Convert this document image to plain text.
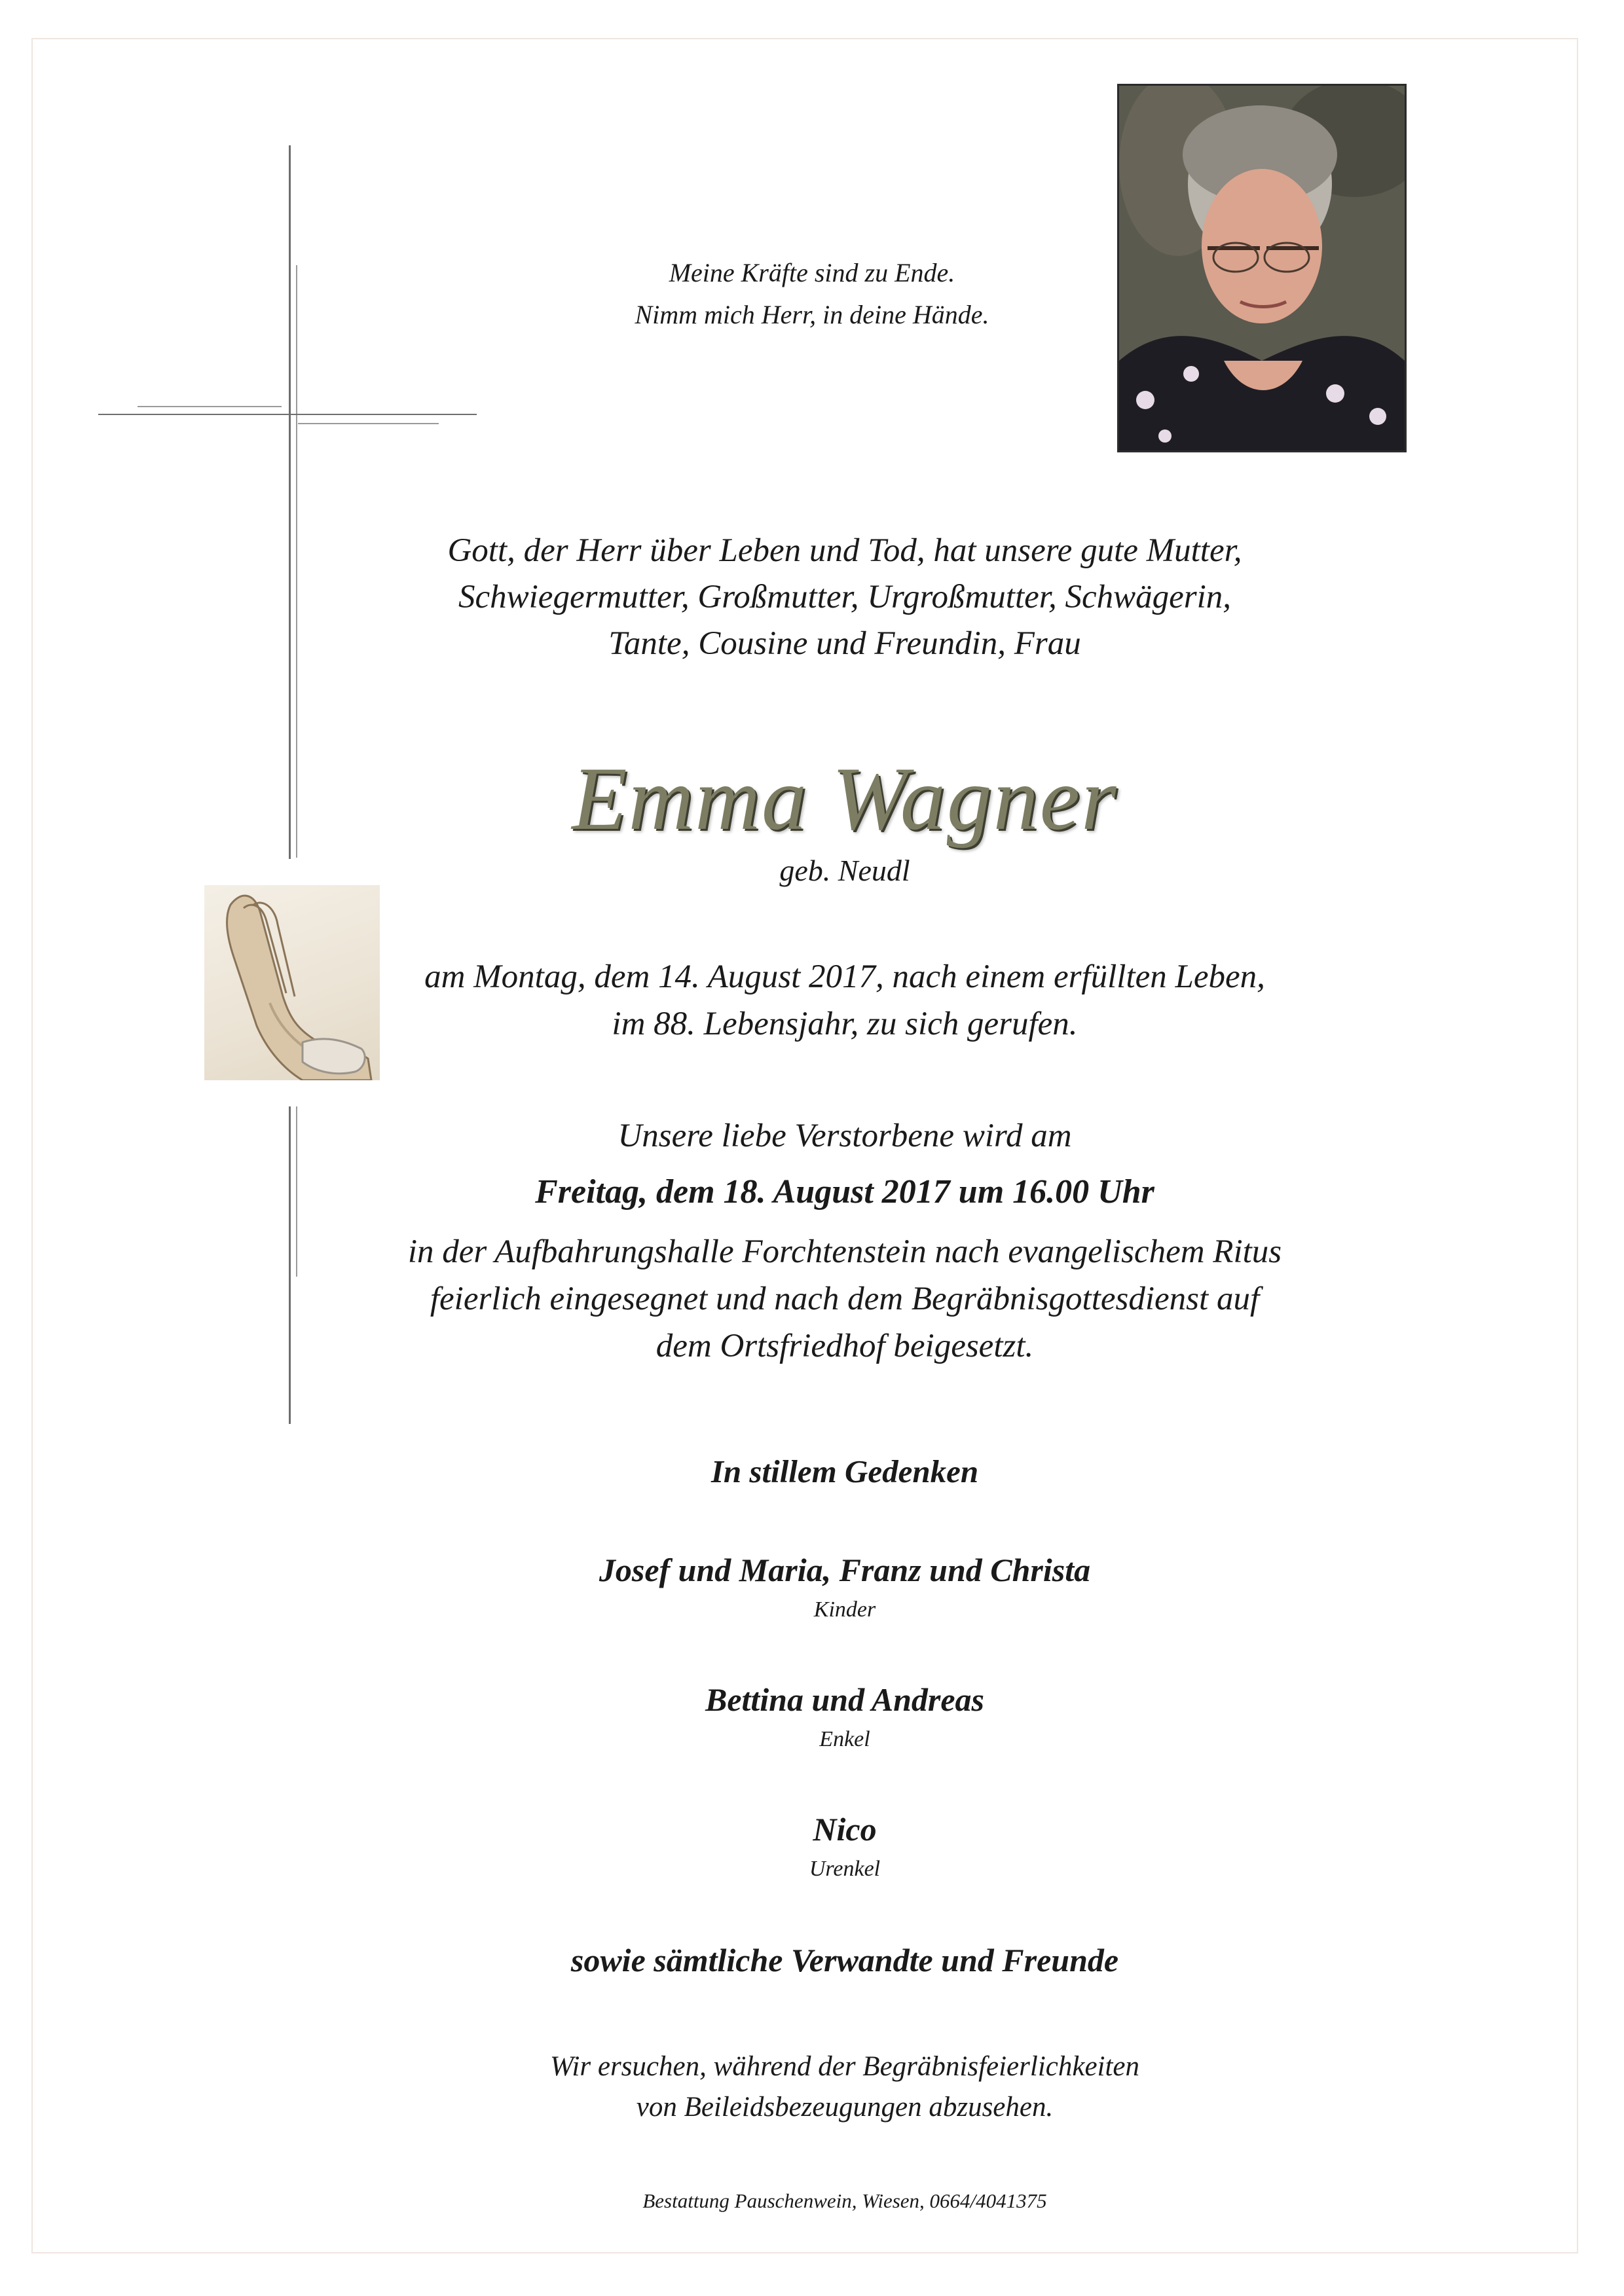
Meine Kräfte sind zu Ende.
Nimm mich Herr, in deine Hände.
Gott, der Herr über Leben und Tod, hat unsere gute Mutter,
Schwiegermutter, Großmutter, Urgroßmutter, Schwägerin,
Tante, Cousine und Freundin, Frau
Emma Wagner
geb. Neudl
am Montag, dem 14. August 2017, nach einem erfüllten Leben,
im 88. Lebensjahr, zu sich gerufen.
Unsere liebe Verstorbene wird am
Freitag, dem 18. August 2017 um 16.00 Uhr
in der Aufbahrungshalle Forchtenstein nach evangelischem Ritus
feierlich eingesegnet und nach dem Begräbnisgottesdienst auf
dem Ortsfriedhof beigesetzt.
In stillem Gedenken
Josef und Maria, Franz und Christa
Kinder
Bettina und Andreas
Enkel
Nico
Urenkel
sowie sämtliche Verwandte und Freunde
Wir ersuchen, während der Begräbnisfeierlichkeiten
von Beileidsbezeugungen abzusehen.
Bestattung Pauschenwein, Wiesen, 0664/4041375
